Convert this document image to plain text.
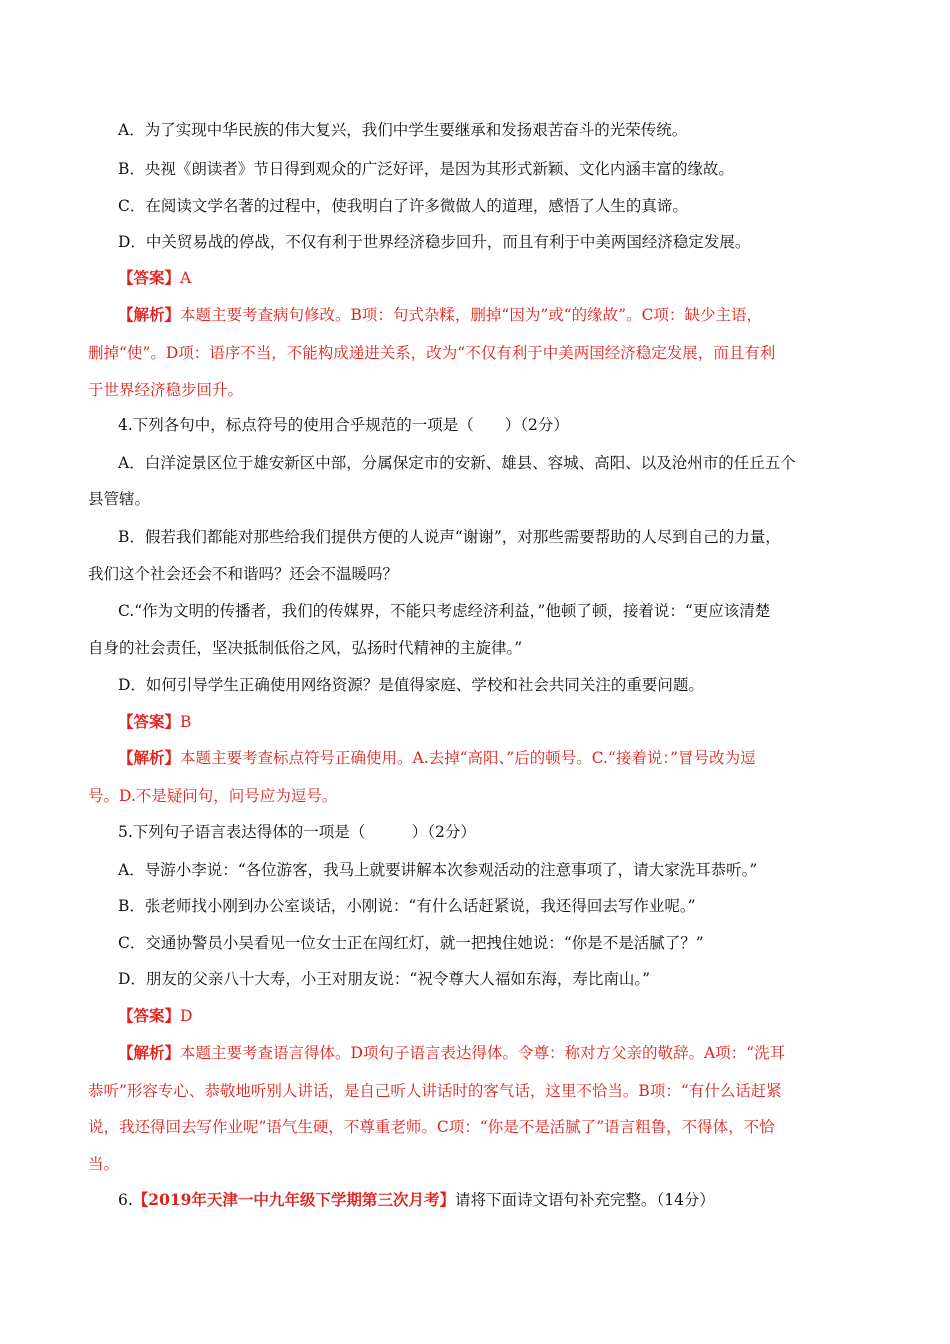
A．为了实现中华民族的伟大复兴，我们中学生要继承和发扬艰苦奋斗的光荣传统。
B．央视《朗读者》节日得到观众的广泛好评，是因为其形式新颖、文化内涵丰富的缘故。
C．在阅读文学名著的过程中，使我明白了许多微做人的道理，感悟了人生的真谛。
D．中关贸易战的停战，不仅有利于世界经济稳步回升，而且有利于中美两国经济稳定发展。
【答案】A
【解析】本题主要考查病句修改。B项：句式杂糅，删掉“因为”或“的缘故”。C项：缺少主语，
删掉“使”。D项：语序不当，不能构成递进关系，改为“不仅有利于中美两国经济稳定发展，而且有利
于世界经济稳步回升。
4.下列各句中，标点符号的使用合乎规范的一项是（　　）（2分）
A．白洋淀景区位于雄安新区中部，分属保定市的安新、雄县、容城、高阳、以及沧州市的任丘五个
县管辖。
B．假若我们都能对那些给我们提供方便的人说声“谢谢”，对那些需要帮助的人尽到自己的力量，
我们这个社会还会不和谐吗？还会不温暖吗？
C.“作为文明的传播者，我们的传媒界，不能只考虑经济利益，”他顿了顿，接着说：“更应该清楚
自身的社会责任，坚决抵制低俗之风，弘扬时代精神的主旋律。”
D．如何引导学生正确使用网络资源？是值得家庭、学校和社会共同关注的重要问题。
【答案】B
【解析】本题主要考查标点符号正确使用。A.去掉“高阳、”后的顿号。C.“接着说：”冒号改为逗
号。D.不是疑问句，问号应为逗号。
5.下列句子语言表达得体的一项是（　　　）（2分）
A．导游小李说：“各位游客，我马上就要讲解本次参观活动的注意事项了，请大家洗耳恭听。”
B．张老师找小刚到办公室谈话，小刚说：“有什么话赶紧说，我还得回去写作业呢。”
C．交通协警员小吴看见一位女士正在闯红灯，就一把拽住她说：“你是不是活腻了？”
D．朋友的父亲八十大寿，小王对朋友说：“祝令尊大人福如东海，寿比南山。”
【答案】D
【解析】本题主要考查语言得体。D项句子语言表达得体。令尊：称对方父亲的敬辞。A项：“洗耳
恭听”形容专心、恭敬地听别人讲话，是自己听人讲话时的客气话，这里不恰当。B项：“有什么话赶紧
说，我还得回去写作业呢”语气生硬，不尊重老师。C项：“你是不是活腻了”语言粗鲁，不得体，不恰
当。
6.【2019年天津一中九年级下学期第三次月考】请将下面诗文语句补充完整。（14分）
